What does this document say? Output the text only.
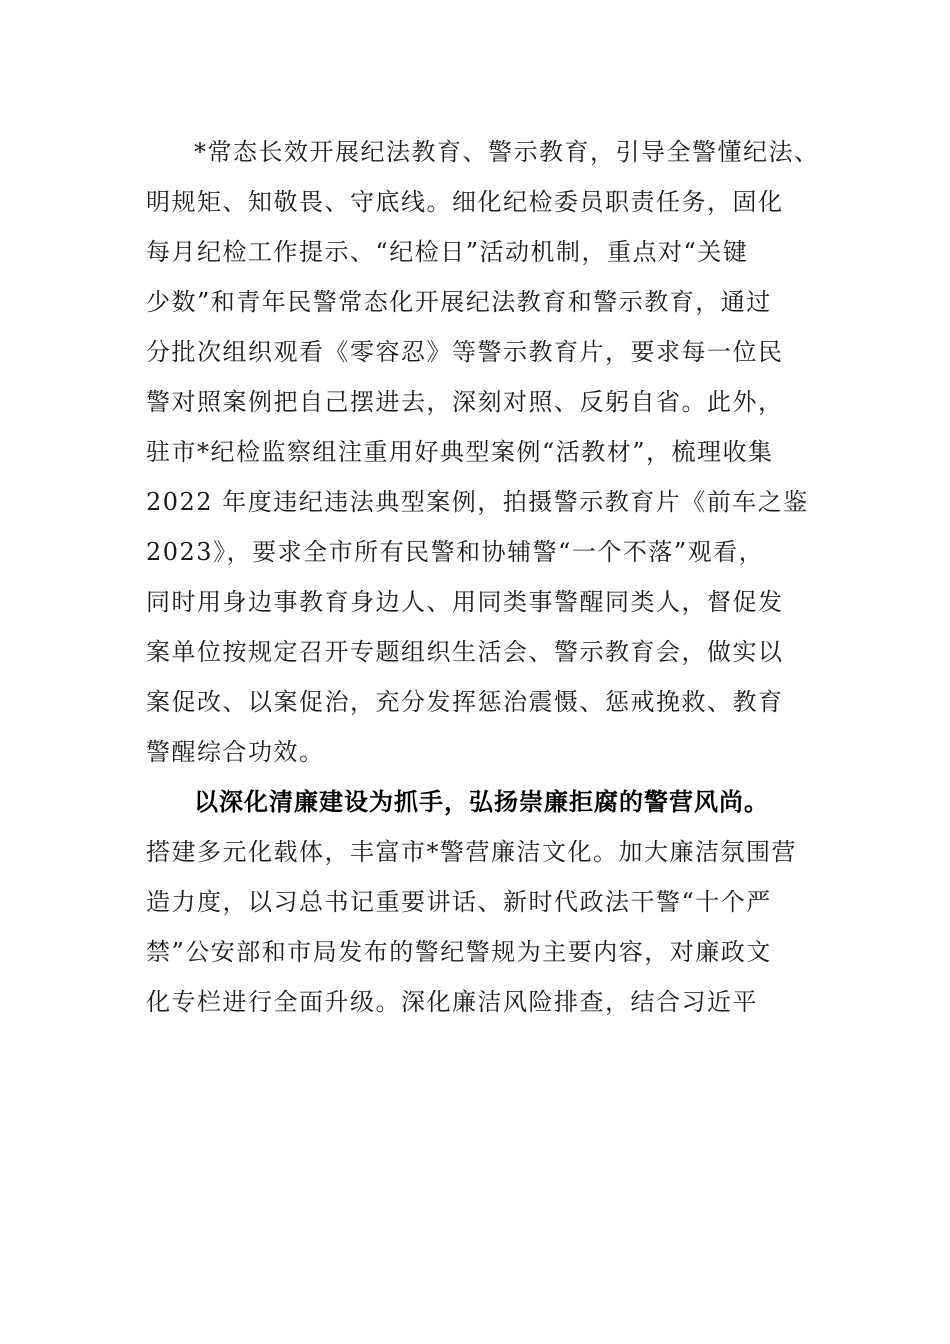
*常态长效开展纪法教育、警示教育，引导全警懂纪法、
明规矩、知敬畏、守底线。细化纪检委员职责任务，固化
每月纪检工作提示、“纪检日”活动机制，重点对“关键
少数”和青年民警常态化开展纪法教育和警示教育，通过
分批次组织观看《零容忍》等警示教育片，要求每一位民
警对照案例把自己摆进去，深刻对照、反躬自省。此外，
驻市*纪检监察组注重用好典型案例“活教材”，梳理收集
2022 年度违纪违法典型案例，拍摄警示教育片《前车之鉴
2023》，要求全市所有民警和协辅警“一个不落”观看，
同时用身边事教育身边人、用同类事警醒同类人，督促发
案单位按规定召开专题组织生活会、警示教育会，做实以
案促改、以案促治，充分发挥惩治震慑、惩戒挽救、教育
警醒综合功效。
以深化清廉建设为抓手，弘扬崇廉拒腐的警营风尚。
搭建多元化载体，丰富市*警营廉洁文化。加大廉洁氛围营
造力度，以习总书记重要讲话、新时代政法干警“十个严
禁”公安部和市局发布的警纪警规为主要内容，对廉政文
化专栏进行全面升级。深化廉洁风险排查，结合习近平
